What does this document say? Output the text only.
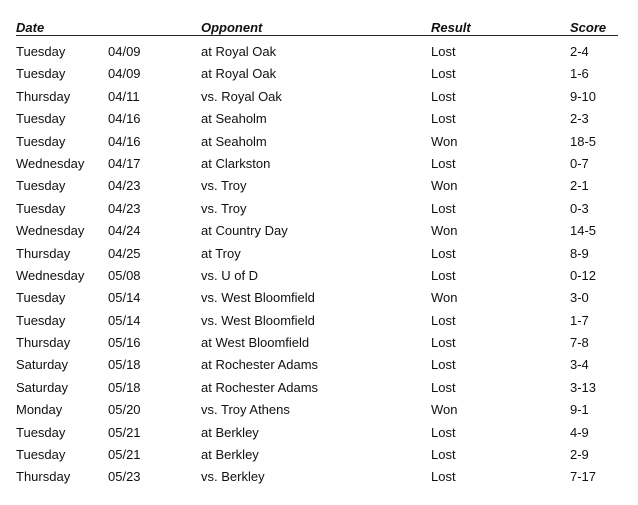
Date	Opponent	Result	Score
Tuesday	04/09	at Royal Oak	Lost	2-4
Tuesday	04/09	at Royal Oak	Lost	1-6
Thursday	04/11	vs. Royal Oak	Lost	9-10
Tuesday	04/16	at Seaholm	Lost	2-3
Tuesday	04/16	at Seaholm	Won	18-5
Wednesday 04/17	at Clarkston	Lost	0-7
Tuesday	04/23	vs. Troy	Won	2-1
Tuesday	04/23	vs. Troy	Lost	0-3
Wednesday 04/24	at Country Day	Won	14-5
Thursday	04/25	at Troy	Lost	8-9
Wednesday 05/08	vs. U of D	Lost	0-12
Tuesday	05/14	vs. West Bloomfield	Won	3-0
Tuesday	05/14	vs. West Bloomfield	Lost	1-7
Thursday	05/16	at West Bloomfield	Lost	7-8
Saturday	05/18	at Rochester Adams	Lost	3-4
Saturday	05/18	at Rochester Adams	Lost	3-13
Monday	05/20	vs. Troy Athens	Won	9-1
Tuesday	05/21	at Berkley	Lost	4-9
Tuesday	05/21	at Berkley	Lost	2-9
Thursday	05/23	vs. Berkley	Lost	7-17
